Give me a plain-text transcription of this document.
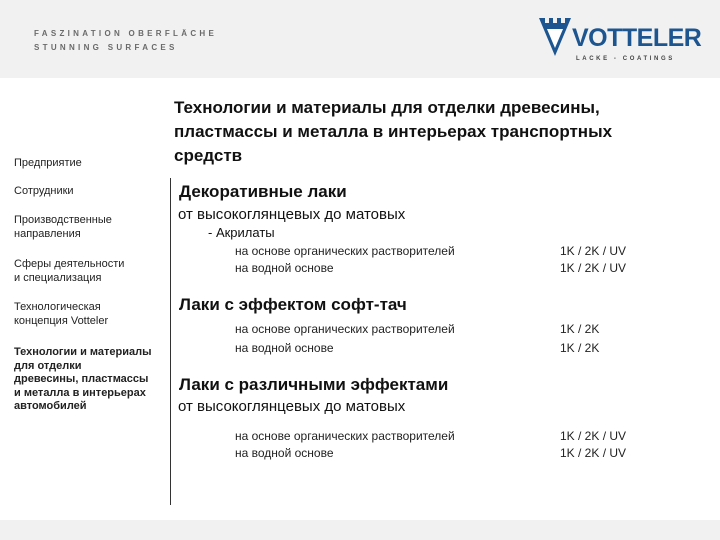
FASZINATION OBERFLÄCHE
STUNNING SURFACES	VOTTELER
LACKE - COATINGS
Предприятие
Сотрудники
Производственные
направления
Сферы деятельности
и специализация
Технологическая
концепция Votteler
Технологии и материалы
для отделки
древесины, пластмассы
и металла в интерьерах
автомобилей
Технологии и материалы для отделки древесины,
пластмассы и металла в интерьерах транспортных
средств
Декоративные лаки
от высокоглянцевых до матовых
- Акрилаты
на основе органических растворителей	1K / 2K / UV
на водной основе	1K / 2K / UV
Лаки с эффектом софт-тач
на основе органических растворителей	1K / 2K
на водной основе	1K / 2K
Лаки с различными эффектами
от высокоглянцевых до матовых
на основе органических растворителей	1K / 2K / UV
на водной основе	1K / 2K / UV
